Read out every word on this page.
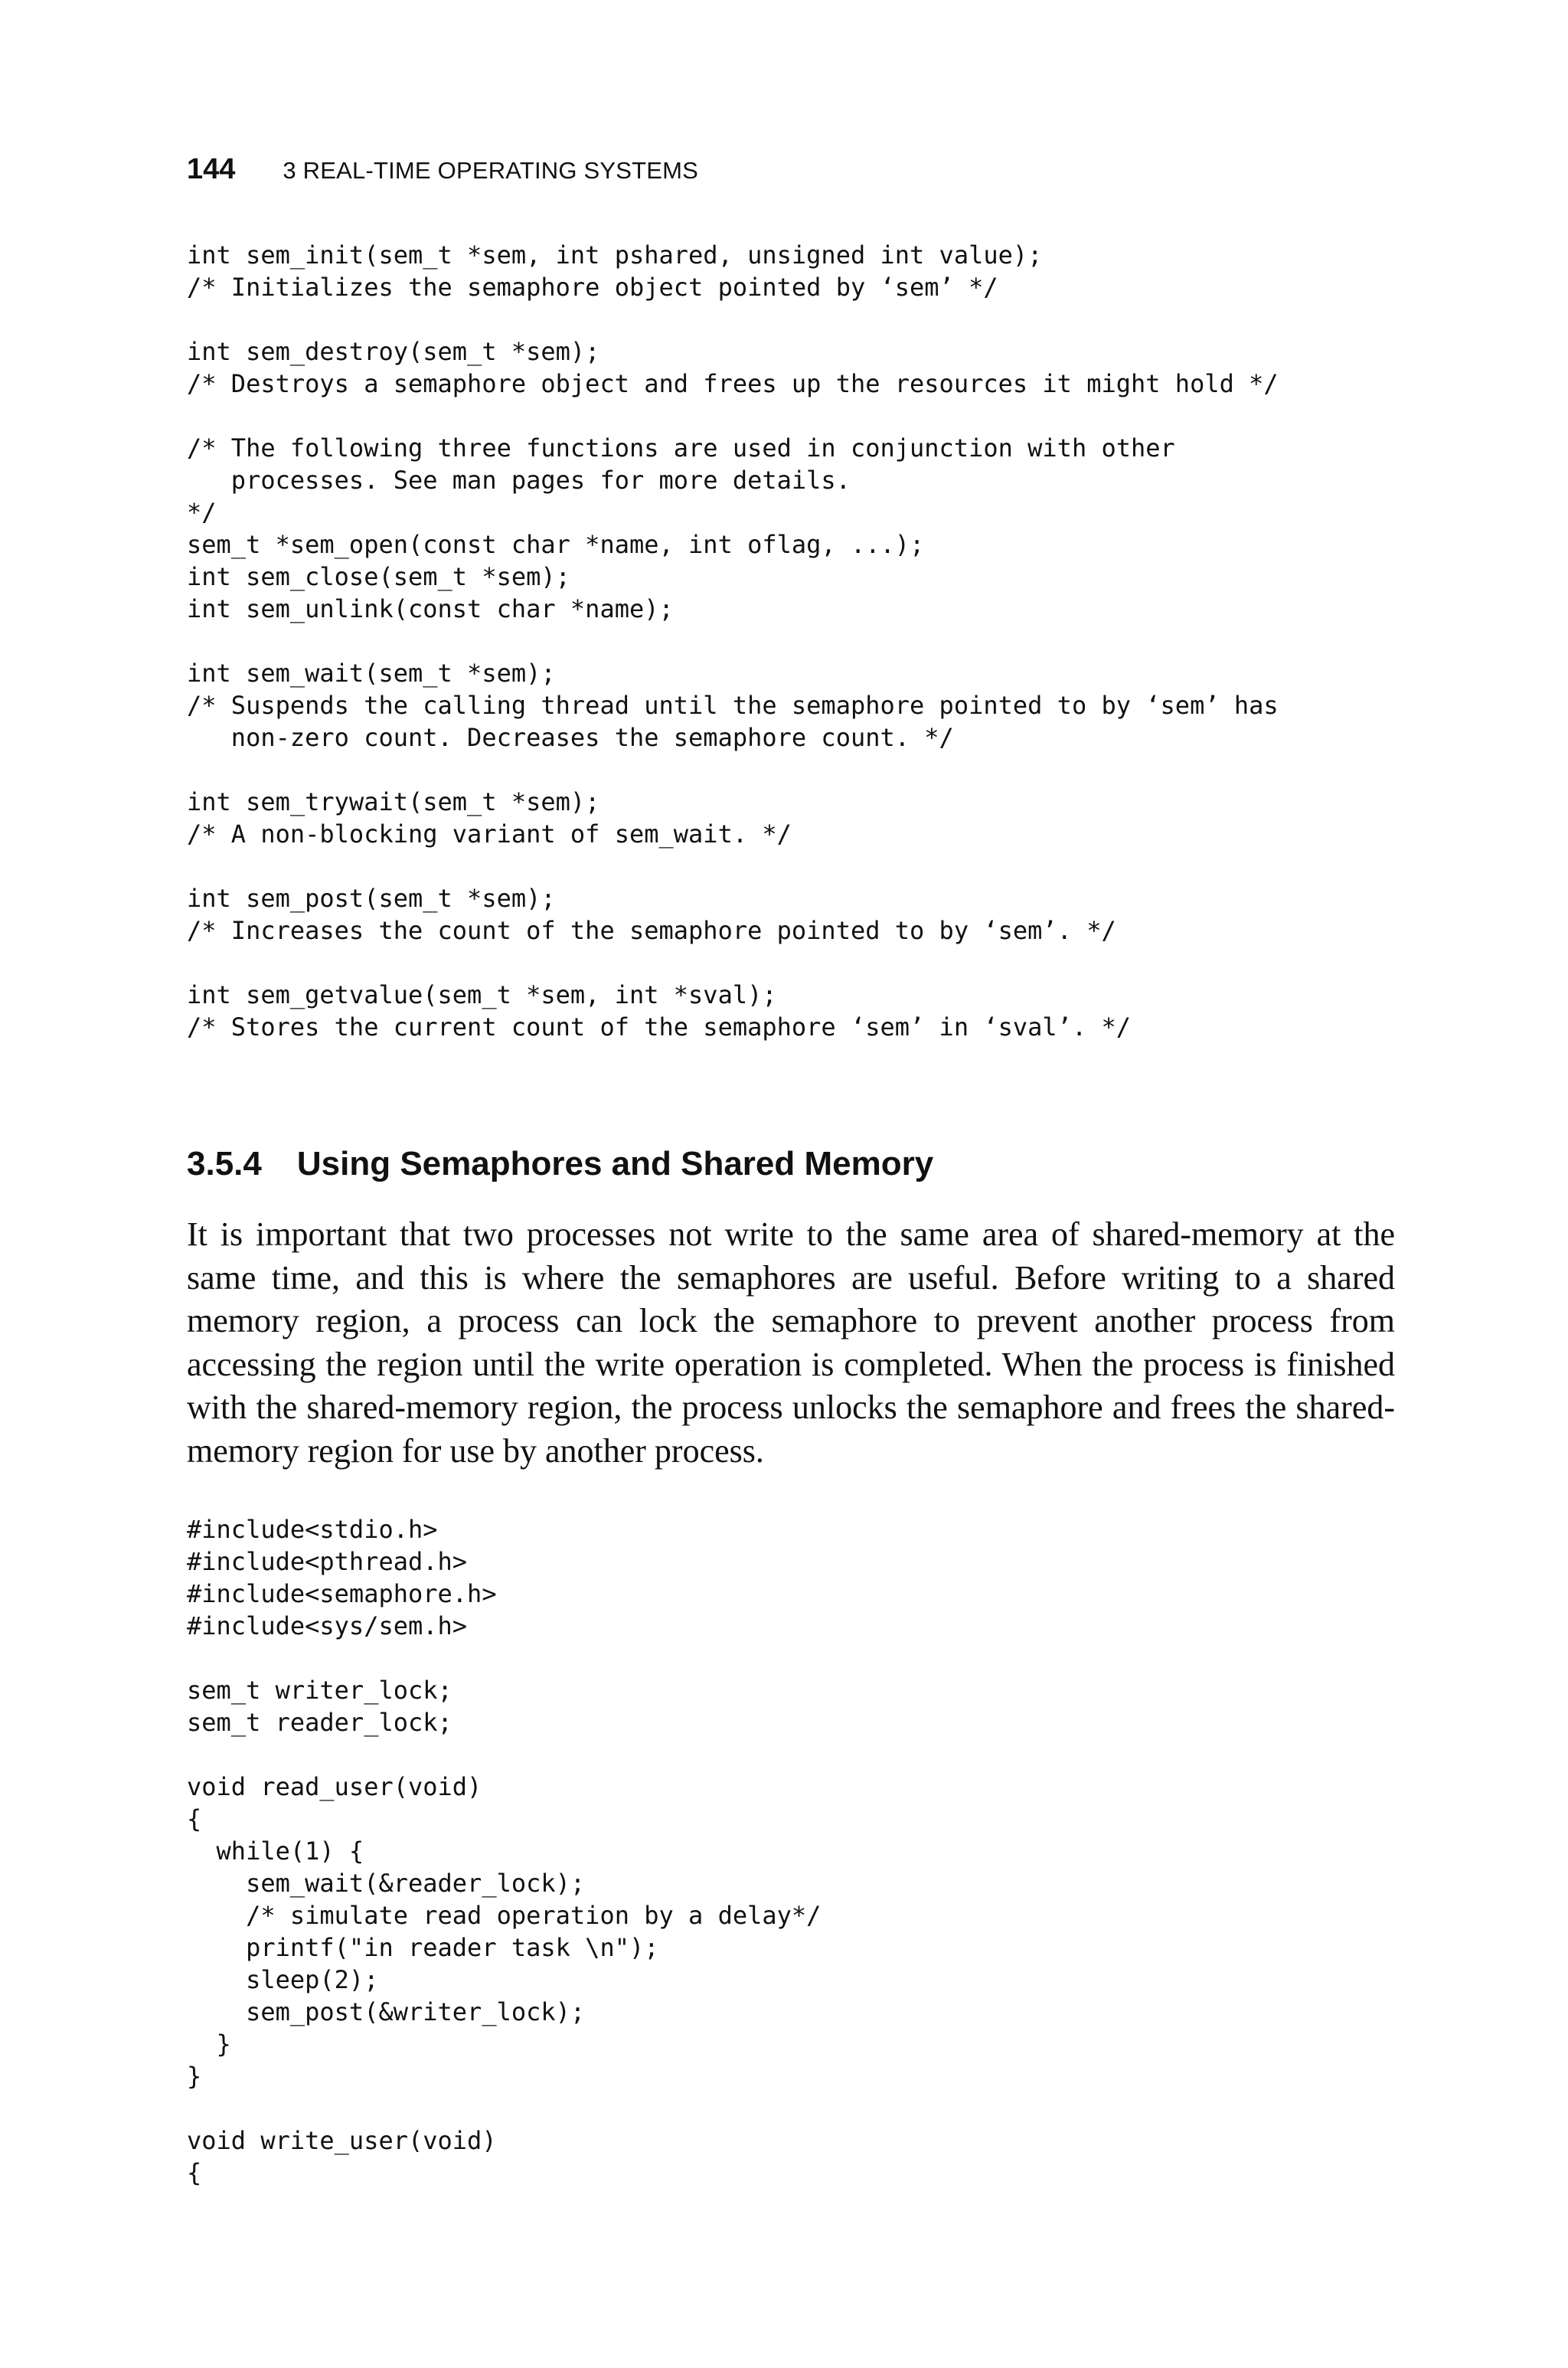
144 3 REAL-TIME OPERATING SYSTEMS
int sem_init(sem_t *sem, int pshared, unsigned int value);
/* Initializes the semaphore object pointed by ‘sem’ */

int sem_destroy(sem_t *sem);
/* Destroys a semaphore object and frees up the resources it might hold */

/* The following three functions are used in conjunction with other
processes. See man pages for more details.
*/
sem_t *sem_open(const char *name, int oflag, ...);
int sem_close(sem_t *sem);
int sem_unlink(const char *name);

int sem_wait(sem_t *sem);
/* Suspends the calling thread until the semaphore pointed to by ‘sem’ has
non-zero count. Decreases the semaphore count. */

int sem_trywait(sem_t *sem);
/* A non-blocking variant of sem_wait. */

int sem_post(sem_t *sem);
/* Increases the count of the semaphore pointed to by ‘sem’. */

int sem_getvalue(sem_t *sem, int *sval);
/* Stores the current count of the semaphore ‘sem’ in ‘sval’. */
3.5.4 Using Semaphores and Shared Memory

It is important that two processes not write to the same area of shared-memory at the same time, and this is where the semaphores are useful. Before writing to a shared memory region, a process can lock the semaphore to prevent another process from accessing the region until the write operation is completed. When the process is finished with the shared-memory region, the process unlocks the semaphore and frees the shared-memory region for use by another process.

#include<stdio.h>
#include<pthread.h>
#include<semaphore.h>
#include<sys/sem.h>

sem_t writer_lock;
sem_t reader_lock;

void read_user(void)
{
while(1) {
sem_wait(&reader_lock);
/* simulate read operation by a delay*/
printf("in reader task \n");
sleep(2);
sem_post(&writer_lock);
}
}

void write_user(void)
{
